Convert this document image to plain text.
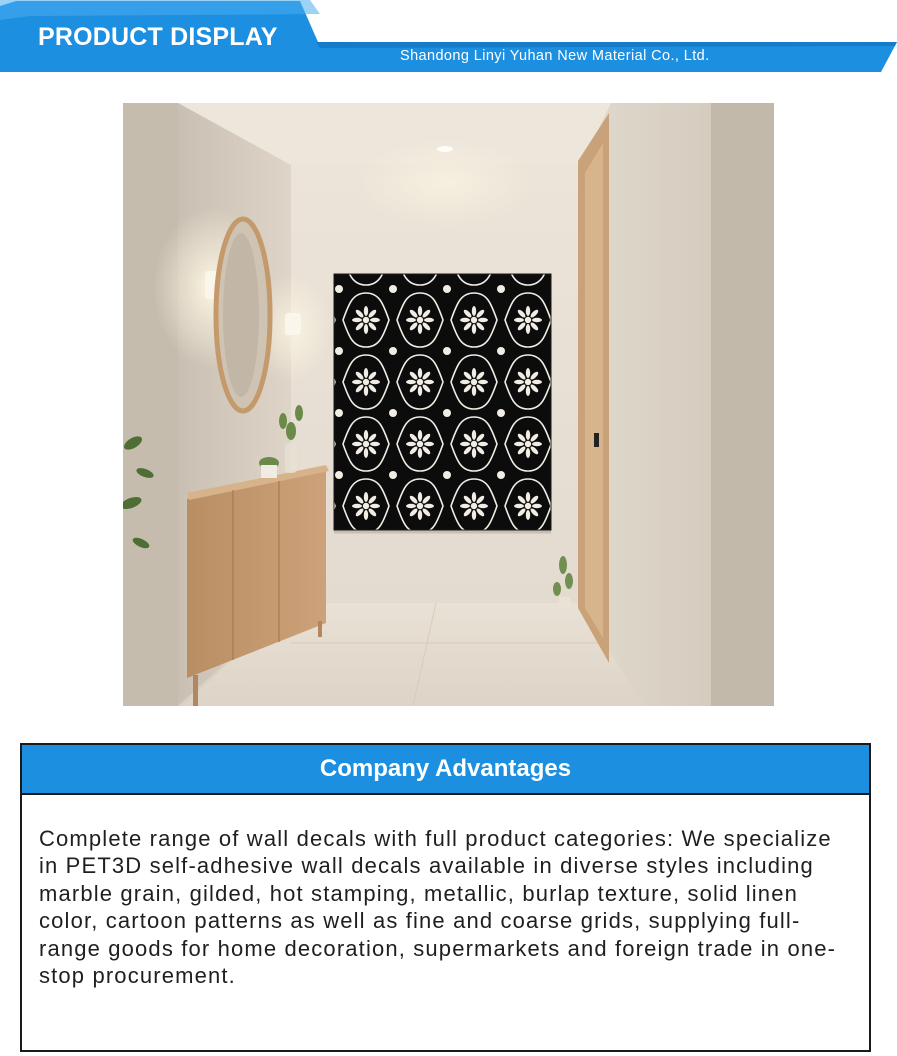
PRODUCT DISPLAY
Shandong Linyi Yuhan New Material Co., Ltd.
Company Advantages
Complete range of wall decals with full product categories: We specialize in PET3D self-adhesive wall decals available in diverse styles including marble grain, gilded, hot stamping, metallic, burlap texture, solid linen color, cartoon patterns as well as fine and coarse grids, supplying full-range goods for home decoration, supermarkets and foreign trade in one-stop procurement.
